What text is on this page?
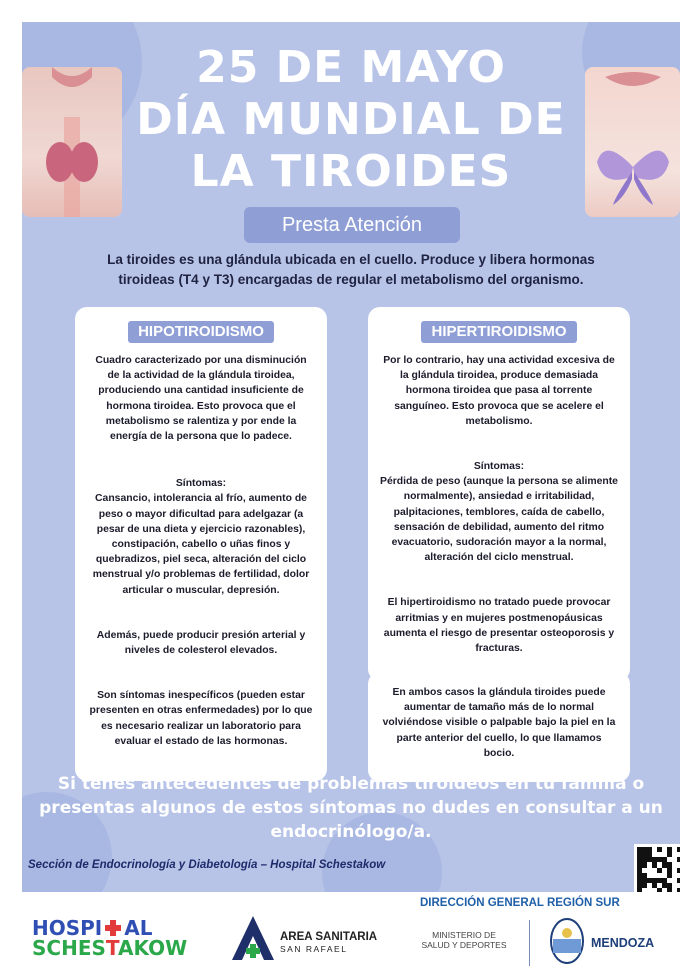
25 DE MAYO
DÍA MUNDIAL DE
LA TIROIDES
Presta Atención
La tiroides es una glándula ubicada en el cuello. Produce y libera hormonas tiroideas (T4 y T3) encargadas de regular el metabolismo del organismo.
HIPOTIROIDISMO
Cuadro caracterizado por una disminución de la actividad de la glándula tiroidea, produciendo una cantidad insuficiente de hormona tiroidea. Esto provoca que el metabolismo se ralentiza y por ende la energía de la persona que lo padece.
Síntomas:
Cansancio, intolerancia al frío, aumento de peso o mayor dificultad para adelgazar (a pesar de una dieta y ejercicio razonables), constipación, cabello o uñas finos y quebradizos, piel seca, alteración del ciclo menstrual y/o problemas de fertilidad, dolor articular o muscular, depresión.
Además, puede producir presión arterial y niveles de colesterol elevados.
Son síntomas inespecíficos (pueden estar presenten en otras enfermedades) por lo que es necesario realizar un laboratorio para evaluar el estado de las hormonas.
HIPERTIROIDISMO
Por lo contrario, hay una actividad excesiva de la glándula tiroidea, produce demasiada hormona tiroidea que pasa al torrente sanguíneo. Esto provoca que se acelere el metabolismo.
Síntomas:
Pérdida de peso (aunque la persona se alimente normalmente), ansiedad e irritabilidad, palpitaciones, temblores, caída de cabello, sensación de debilidad, aumento del ritmo evacuatorio, sudoración mayor a la normal, alteración del ciclo menstrual.
El hipertiroidismo no tratado puede provocar arritmias y en mujeres postmenopáusicas aumenta el riesgo de presentar osteoporosis y fracturas.
En ambos casos la glándula tiroides puede aumentar de tamaño más de lo normal volviéndose visible o palpable bajo la piel en la parte anterior del cuello, lo que llamamos bocio.
Si tenes antecedentes de problemas tiroideos en tu familia o presentas algunos de estos síntomas no dudes en consultar a un endocrinólogo/a.
Sección de Endocrinología y Diabetología – Hospital Schestakow
DIRECCIÓN GENERAL REGIÓN SUR
HOSPI AL
SCHESTAKOW	AREA SANITARIA
SAN RAFAEL
MINISTERIO DE
SALUD Y DEPORTES	MENDOZA
